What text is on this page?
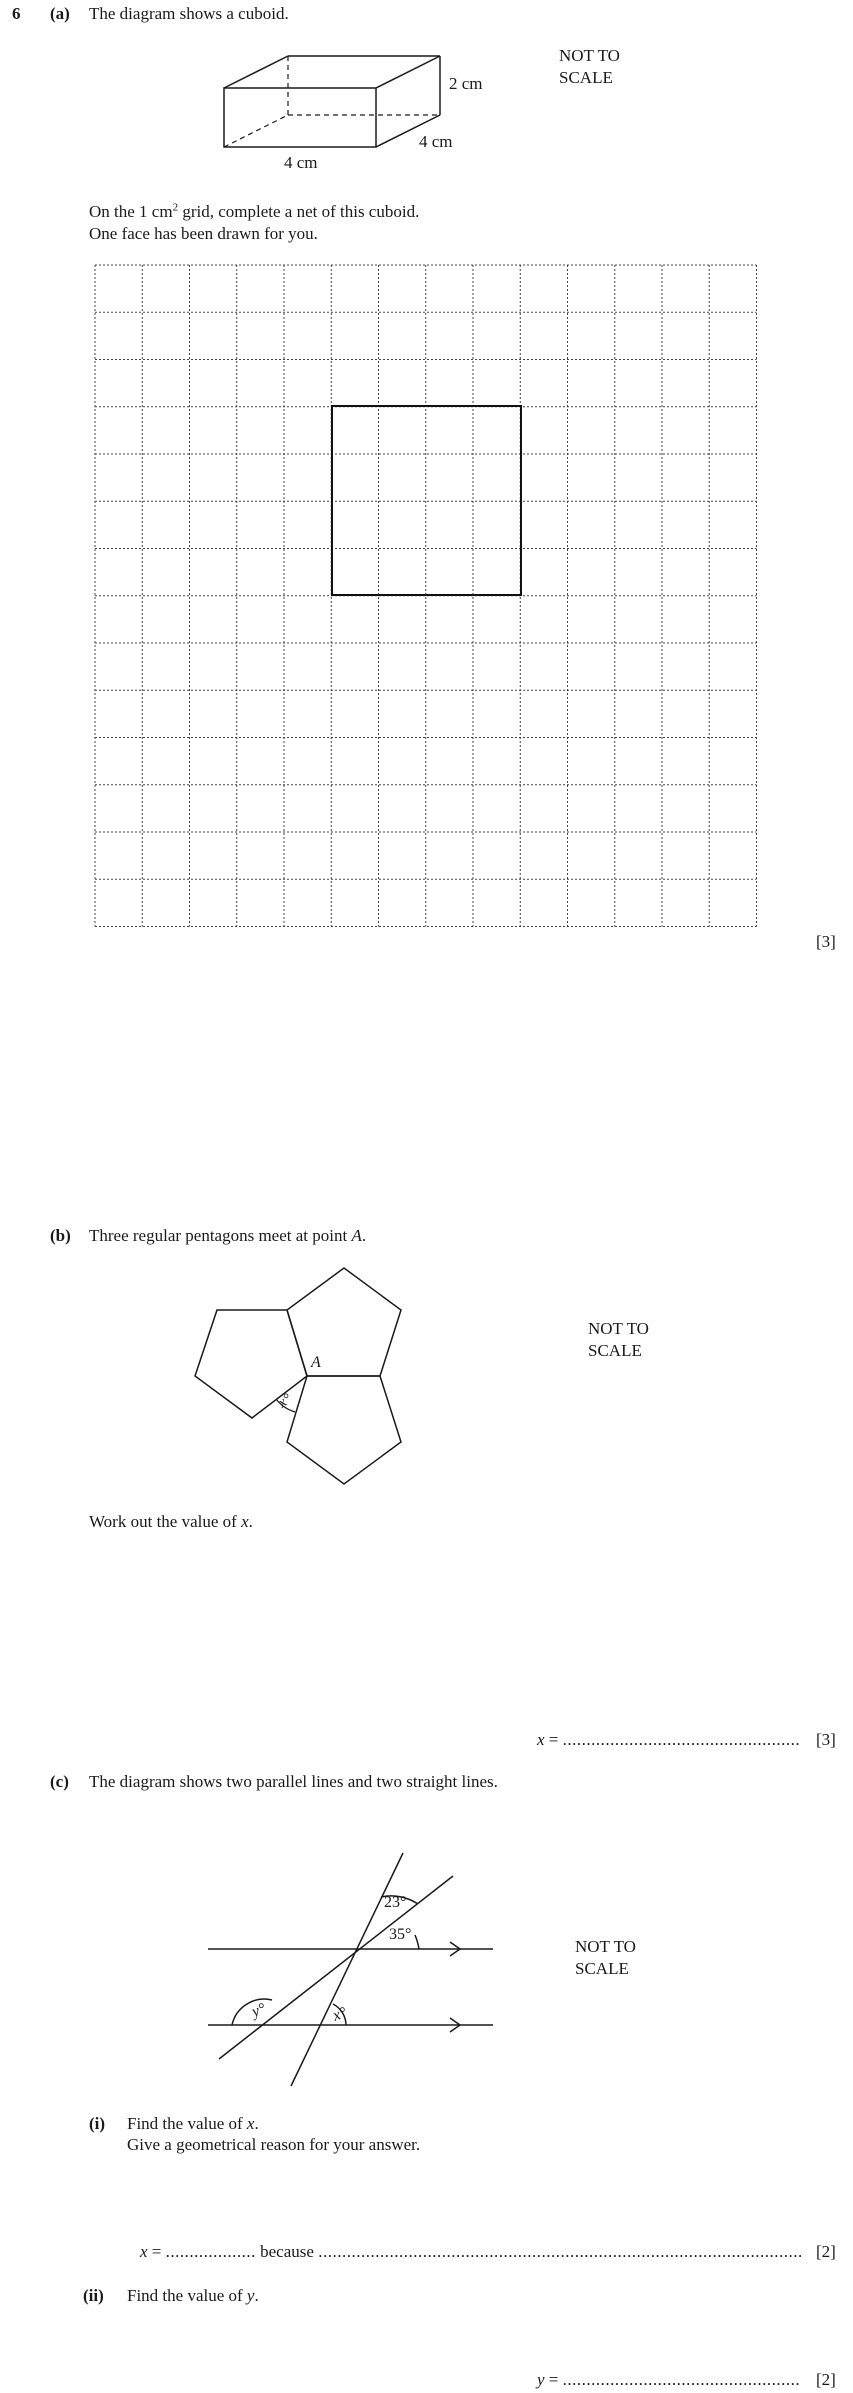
6 (a) The diagram shows a cuboid.
2 cm
4 cm
4 cm
NOT TO
SCALE
On the 1 $cm^2$ grid, complete a net of this cuboid.
One face has been drawn for you.
[3]
(b) Three regular pentagons meet at point A.
A
x°
NOT TO
SCALE
Work out the value of x.
x = .................................................. [3]
(c) The diagram shows two parallel lines and two straight lines.
23°
35°
y°	x°
NOT TO
SCALE
(i) Find the value of x.
Give a geometrical reason for your answer.
x = ................... because ...................................................................................................... [2]
(ii) Find the value of y.
y = .................................................. [2]
